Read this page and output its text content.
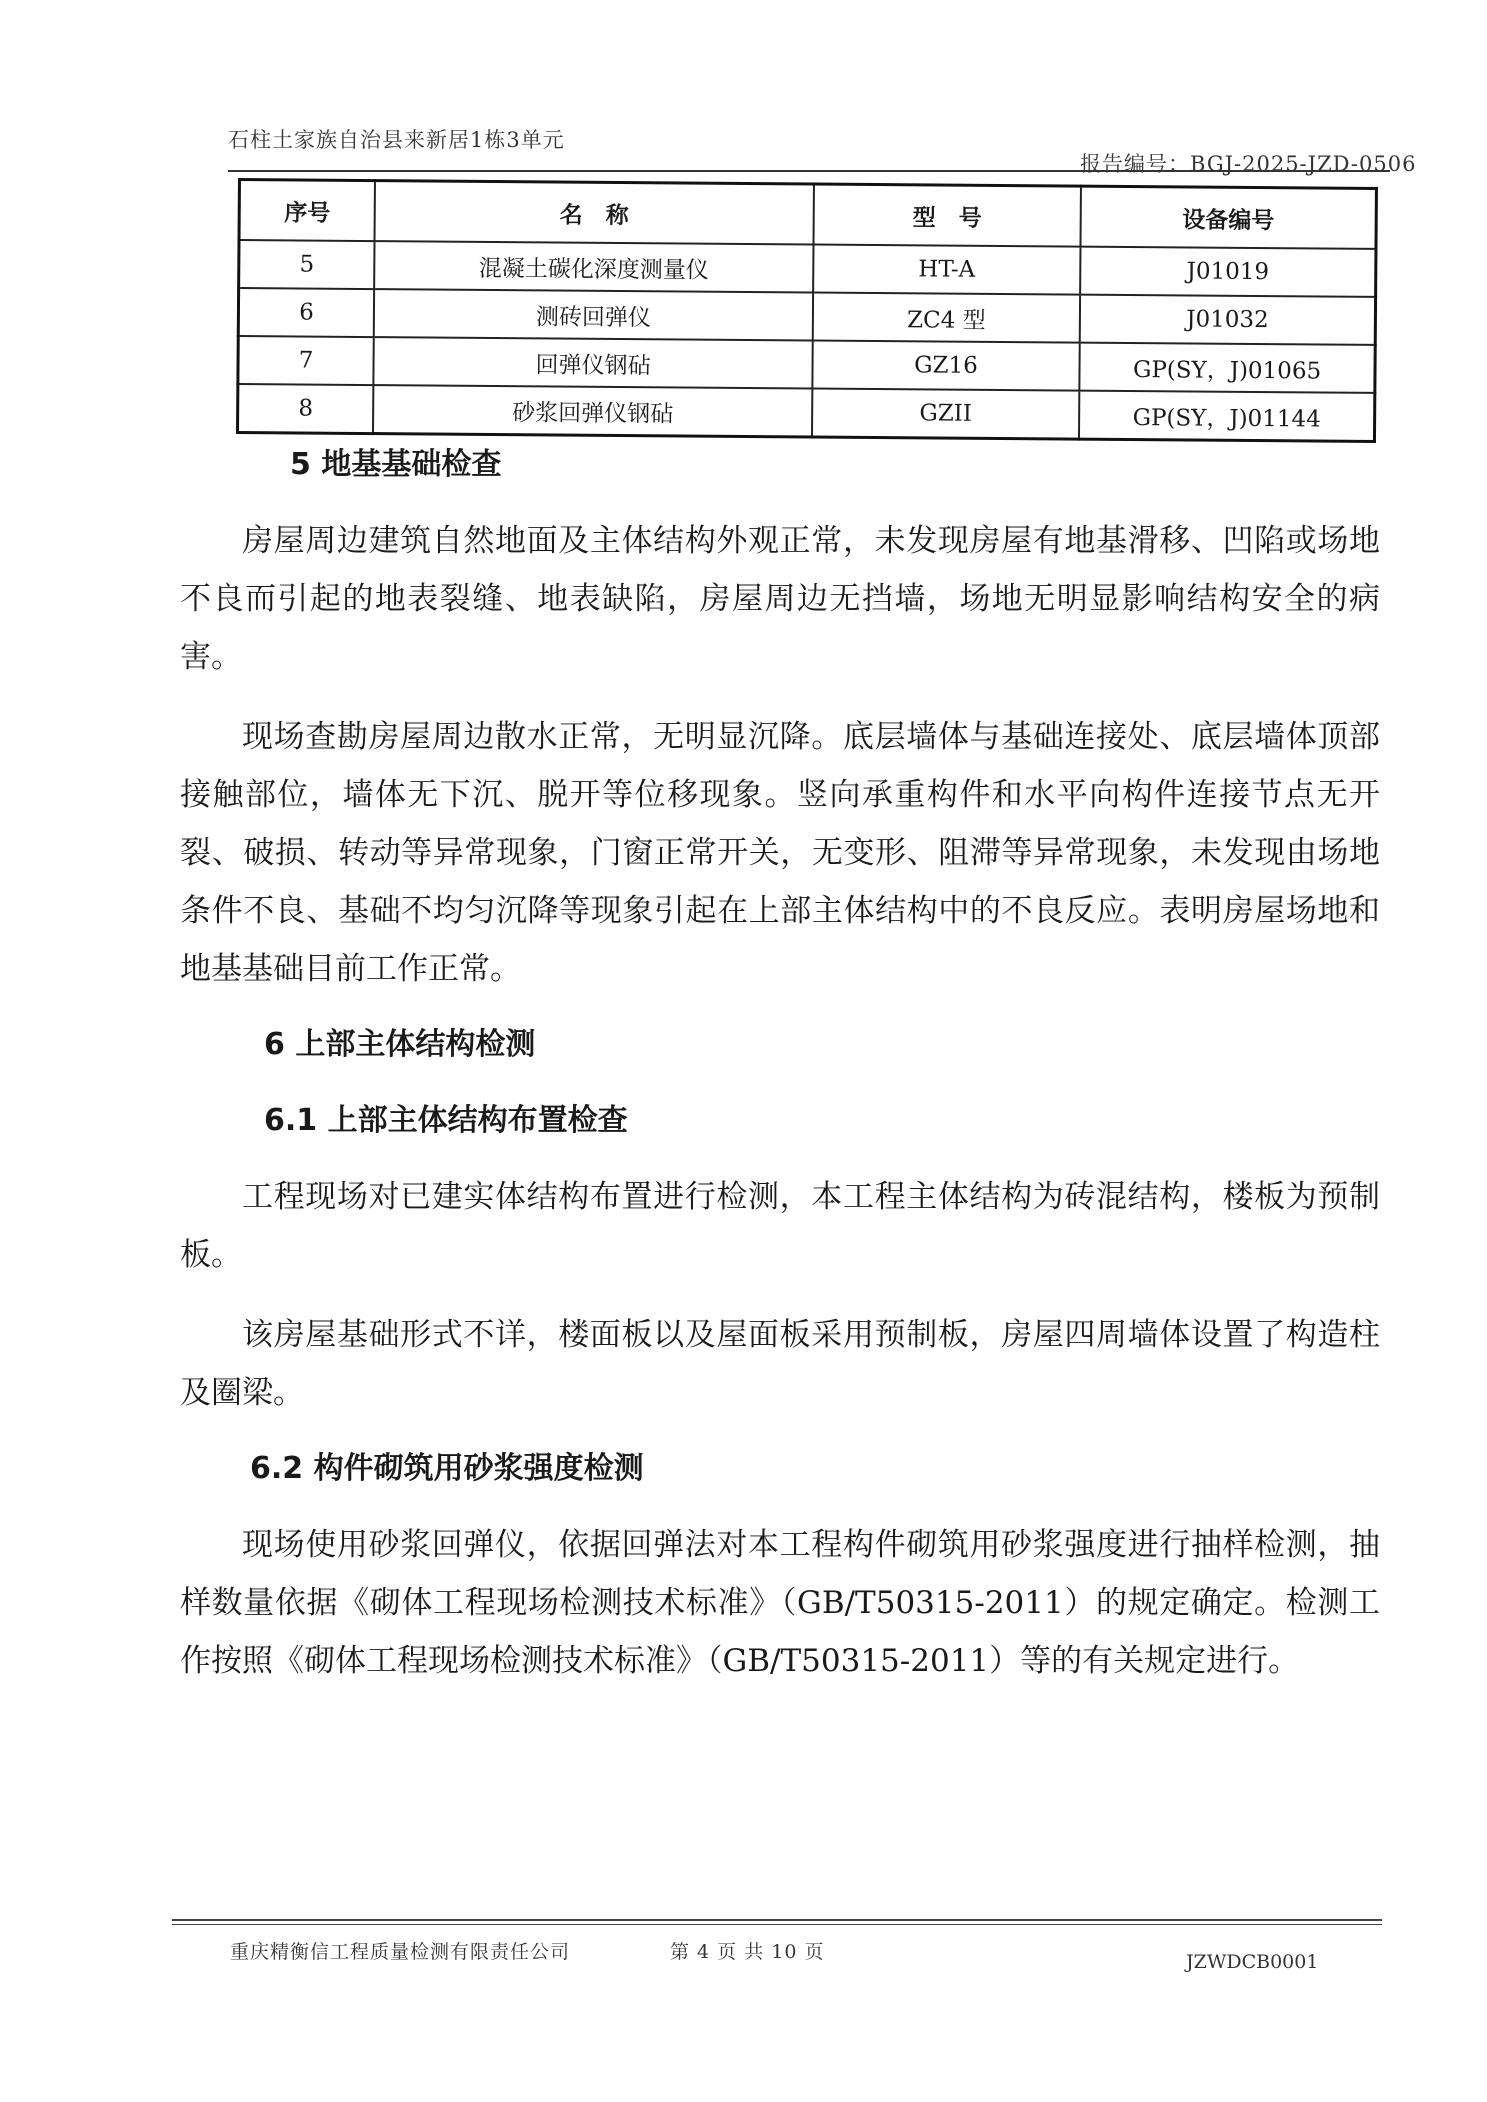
石柱土家族自治县来新居1栋3单元
报告编号：BGJ-2025-JZD-0506
序号	名　称	型　号	设备编号
5	混凝土碳化深度测量仪	HT-A	J01019
6	测砖回弹仪	ZC4 型	J01032
7	回弹仪钢砧	GZ16	GP(SY，J)01065
8	砂浆回弹仪钢砧	GZII	GP(SY，J)01144

5 地基基础检查

房屋周边建筑自然地面及主体结构外观正常，未发现房屋有地基滑移、凹陷或场地不良而引起的地表裂缝、地表缺陷，房屋周边无挡墙，场地无明显影响结构安全的病害。

现场查勘房屋周边散水正常，无明显沉降。底层墙体与基础连接处、底层墙体顶部接触部位，墙体无下沉、脱开等位移现象。竖向承重构件和水平向构件连接节点无开裂、破损、转动等异常现象，门窗正常开关，无变形、阻滞等异常现象，未发现由场地条件不良、基础不均匀沉降等现象引起在上部主体结构中的不良反应。表明房屋场地和地基基础目前工作正常。

6 上部主体结构检测

6.1 上部主体结构布置检查

工程现场对已建实体结构布置进行检测，本工程主体结构为砖混结构，楼板为预制板。

该房屋基础形式不详，楼面板以及屋面板采用预制板，房屋四周墙体设置了构造柱及圈梁。

6.2 构件砌筑用砂浆强度检测

现场使用砂浆回弹仪，依据回弹法对本工程构件砌筑用砂浆强度进行抽样检测，抽样数量依据《砌体工程现场检测技术标准》（GB/T50315-2011）的规定确定。检测工作按照《砌体工程现场检测技术标准》（GB/T50315-2011）等的有关规定进行。

重庆精衡信工程质量检测有限责任公司	第 4 页 共 10 页	JZWDCB0001
